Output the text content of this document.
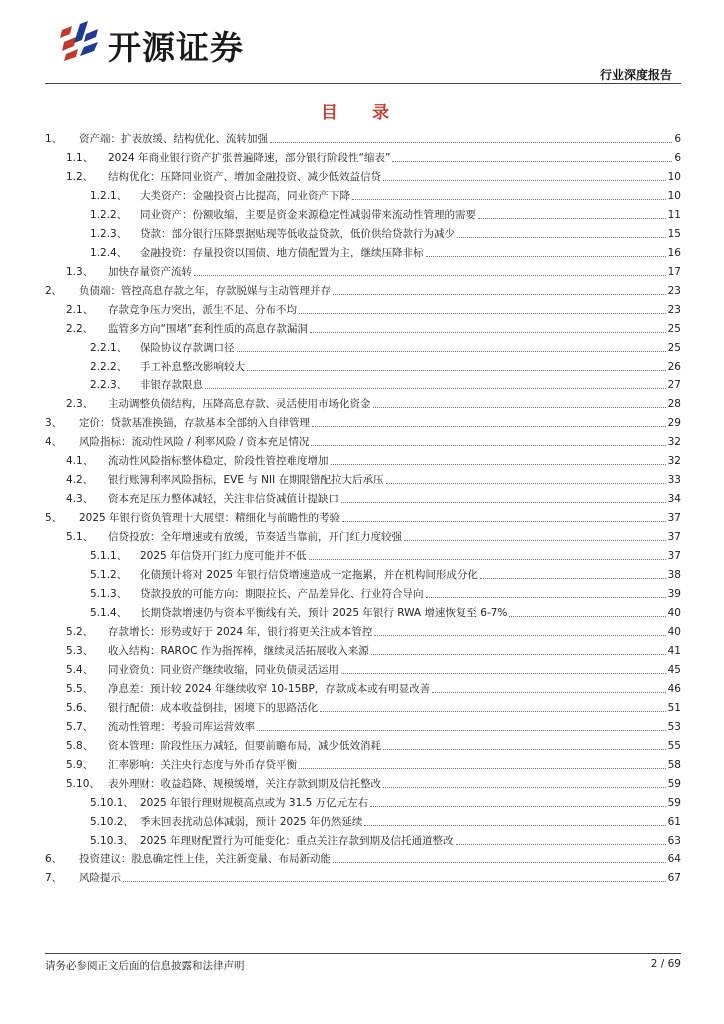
开源证券
行业深度报告
目 录
1、	资产端：扩表放缓、结构优化、流转加强	6
1.1、	2024 年商业银行资产扩张普遍降速，部分银行阶段性“缩表”	6
1.2、	结构优化：压降同业资产、增加金融投资、减少低效益信贷	10
1.2.1、	大类资产：金融投资占比提高，同业资产下降	10
1.2.2、	同业资产：份额收缩，主要是资金来源稳定性减弱带来流动性管理的需要	11
1.2.3、	贷款：部分银行压降票据贴现等低收益贷款，低价供给贷款行为减少	15
1.2.4、	金融投资：存量投资以国债、地方债配置为主，继续压降非标	16
1.3、	加快存量资产流转	17
2、	负债端：管控高息存款之年，存款脱媒与主动管理并存	23
2.1、	存款竞争压力突出，派生不足、分布不均	23
2.2、	监管多方向“围堵”套利性质的高息存款漏洞	25
2.2.1、	保险协议存款调口径	25
2.2.2、	手工补息整改影响较大	26
2.2.3、	非银存款限息	27
2.3、	主动调整负债结构，压降高息存款、灵活使用市场化资金	28
3、	定价：贷款基准换锚，存款基本全部纳入自律管理	29
4、	风险指标：流动性风险 / 利率风险 / 资本充足情况	32
4.1、	流动性风险指标整体稳定，阶段性管控难度增加	32
4.2、	银行账簿利率风险指标，EVE 与 NII 在期限错配拉大后承压	33
4.3、	资本充足压力整体减轻，关注非信贷减值计提缺口	34
5、	2025 年银行资负管理十大展望：精细化与前瞻性的考验	37
5.1、	信贷投放：全年增速或有放缓，节奏适当靠前，开门红力度较强	37
5.1.1、	2025 年信贷开门红力度可能并不低	37
5.1.2、	化债预计将对 2025 年银行信贷增速造成一定拖累，并在机构间形成分化	38
5.1.3、	贷款投放的可能方向：期限拉长、产品差异化、行业符合导向	39
5.1.4、	长期贷款增速仍与资本平衡线有关，预计 2025 年银行 RWA 增速恢复至 6-7%	40
5.2、	存款增长：形势或好于 2024 年，银行将更关注成本管控	40
5.3、	收入结构：RAROC 作为指挥棒，继续灵活拓展收入来源	41
5.4、	同业资负：同业资产继续收缩，同业负债灵活运用	45
5.5、	净息差：预计较 2024 年继续收窄 10-15BP，存款成本或有明显改善	46
5.6、	银行配债：成本收益倒挂，困境下的思路活化	51
5.7、	流动性管理：考验司库运营效率	53
5.8、	资本管理：阶段性压力减轻，但要前瞻布局，减少低效消耗	55
5.9、	汇率影响：关注央行态度与外币存贷平衡	58
5.10、 表外理财：收益趋降、规模缓增，关注存款到期及信托整改	59
5.10.1、 2025 年银行理财规模高点或为 31.5 万亿元左右	59
5.10.2、 季末回表扰动总体减弱，预计 2025 年仍然延续	61
5.10.3、 2025 年理财配置行为可能变化：重点关注存款到期及信托通道整改	63
6、	投资建议：股息确定性上佳，关注新变量、布局新动能	64
7、	风险提示	67
请务必参阅正文后面的信息披露和法律声明	2 / 69
